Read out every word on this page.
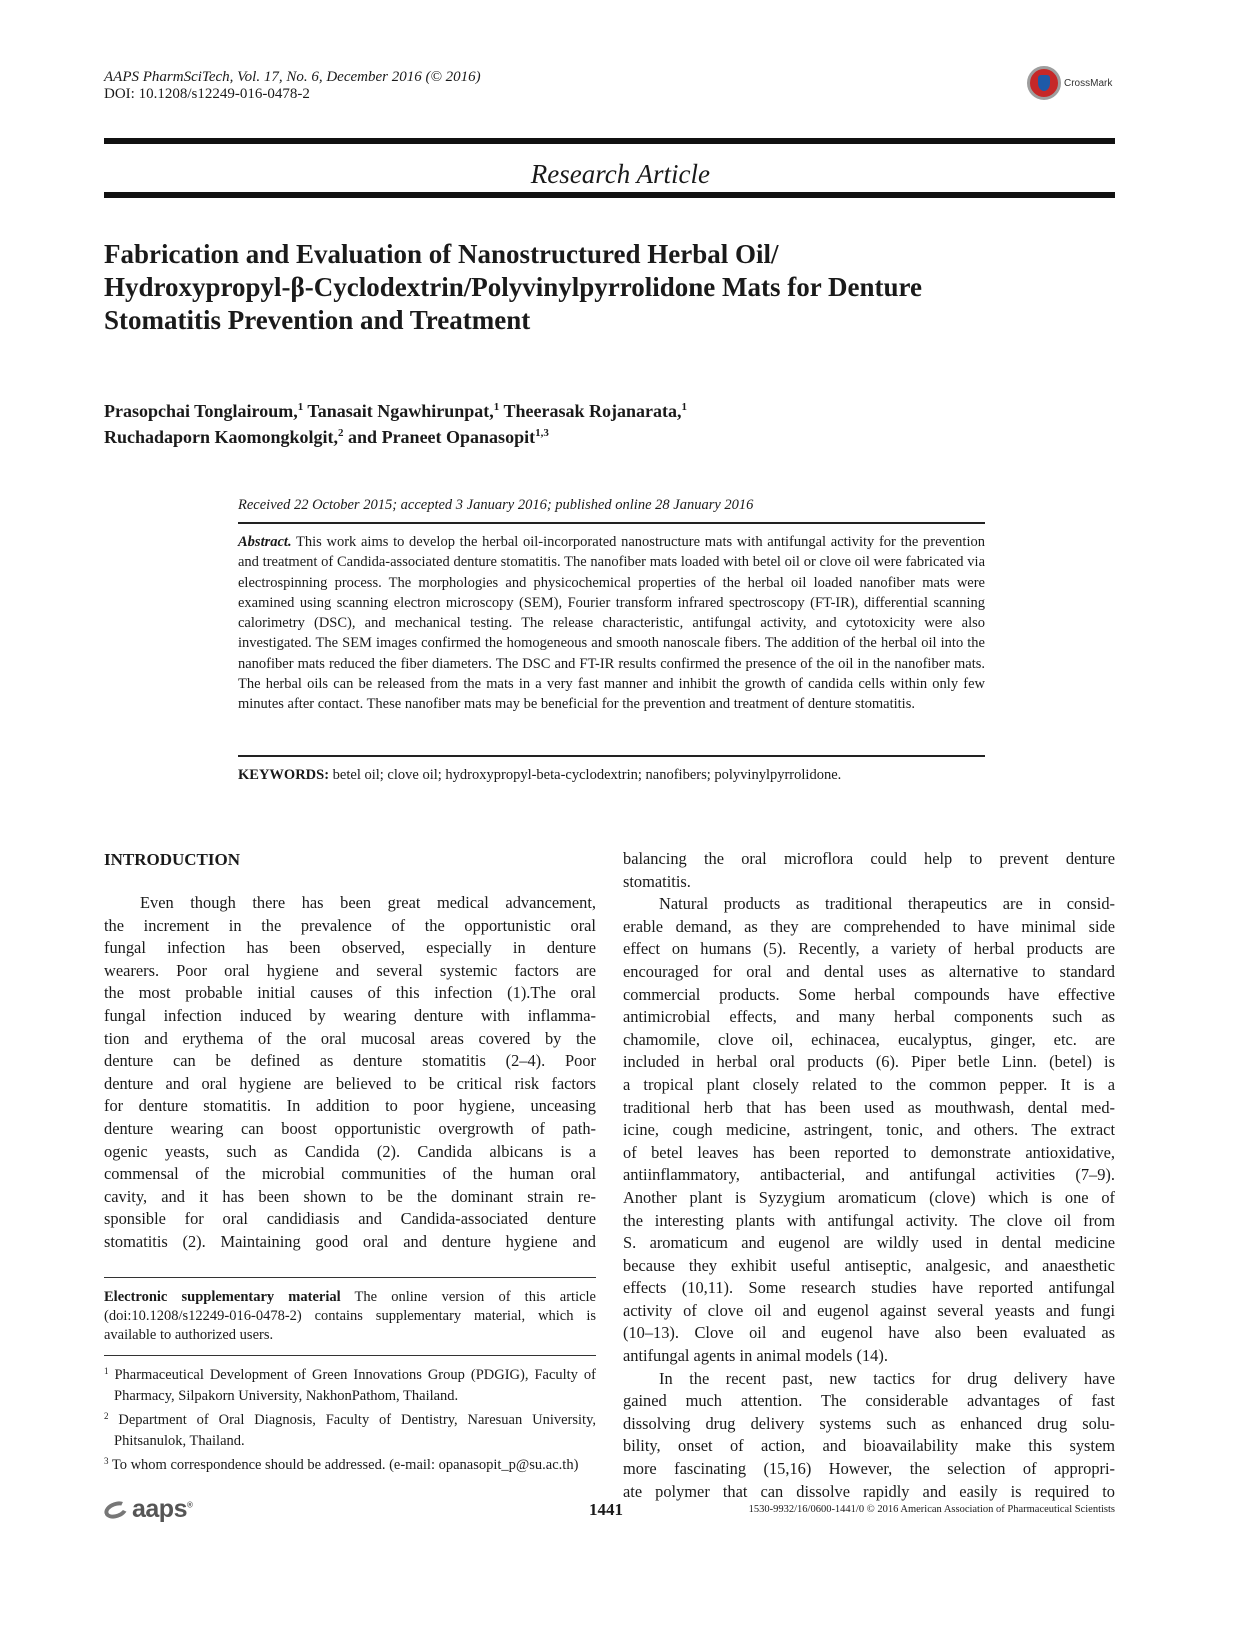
AAPS PharmSciTech, Vol. 17, No. 6, December 2016 (© 2016)
DOI: 10.1208/s12249-016-0478-2
CrossMark
Research Article
Fabrication and Evaluation of Nanostructured Herbal Oil/
Hydroxypropyl-β-Cyclodextrin/Polyvinylpyrrolidone Mats for Denture
Stomatitis Prevention and Treatment
Prasopchai Tonglairoum,$^1$ Tanasait Ngawhirunpat,$^1$ Theerasak Rojanarata,$^1$
Ruchadaporn Kaomongkolgit,$^2$ and Praneet Opanasopit$^{1,3}$
Received 22 October 2015; accepted 3 January 2016; published online 28 January 2016
Abstract. This work aims to develop the herbal oil-incorporated nanostructure mats with antifungal activity for the prevention and treatment of Candida-associated denture stomatitis. The nanofiber mats loaded with betel oil or clove oil were fabricated via electrospinning process. The morphologies and physicochemical properties of the herbal oil loaded nanofiber mats were examined using scanning electron microscopy (SEM), Fourier transform infrared spectroscopy (FT-IR), differential scanning calorimetry (DSC), and mechanical testing. The release characteristic, antifungal activity, and cytotoxicity were also investigated. The SEM images confirmed the homogeneous and smooth nanoscale fibers. The addition of the herbal oil into the nanofiber mats reduced the fiber diameters. The DSC and FT-IR results confirmed the presence of the oil in the nanofiber mats. The herbal oils can be released from the mats in a very fast manner and inhibit the growth of candida cells within only few minutes after contact. These nanofiber mats may be beneficial for the prevention and treatment of denture stomatitis.
KEYWORDS: betel oil; clove oil; hydroxypropyl-beta-cyclodextrin; nanofibers; polyvinylpyrrolidone.
INTRODUCTION
Even though there has been great medical advancement,
the increment in the prevalence of the opportunistic oral
fungal infection has been observed, especially in denture
wearers. Poor oral hygiene and several systemic factors are
the most probable initial causes of this infection (1).The oral
fungal infection induced by wearing denture with inflamma-
tion and erythema of the oral mucosal areas covered by the
denture can be defined as denture stomatitis (2–4). Poor
denture and oral hygiene are believed to be critical risk factors
for denture stomatitis. In addition to poor hygiene, unceasing
denture wearing can boost opportunistic overgrowth of path-
ogenic yeasts, such as Candida (2). Candida albicans is a
commensal of the microbial communities of the human oral
cavity, and it has been shown to be the dominant strain re-
sponsible for oral candidiasis and Candida-associated denture
stomatitis (2). Maintaining good oral and denture hygiene and
balancing the oral microflora could help to prevent denture
stomatitis.
Natural products as traditional therapeutics are in consid-
erable demand, as they are comprehended to have minimal side
effect on humans (5). Recently, a variety of herbal products are
encouraged for oral and dental uses as alternative to standard
commercial products. Some herbal compounds have effective
antimicrobial effects, and many herbal components such as
chamomile, clove oil, echinacea, eucalyptus, ginger, etc. are
included in herbal oral products (6). Piper betle Linn. (betel) is
a tropical plant closely related to the common pepper. It is a
traditional herb that has been used as mouthwash, dental med-
icine, cough medicine, astringent, tonic, and others. The extract
of betel leaves has been reported to demonstrate antioxidative,
antiinflammatory, antibacterial, and antifungal activities (7–9).
Another plant is Syzygium aromaticum (clove) which is one of
the interesting plants with antifungal activity. The clove oil from
S. aromaticum and eugenol are wildly used in dental medicine
because they exhibit useful antiseptic, analgesic, and anaesthetic
effects (10,11). Some research studies have reported antifungal
activity of clove oil and eugenol against several yeasts and fungi
(10–13). Clove oil and eugenol have also been evaluated as
antifungal agents in animal models (14).
In the recent past, new tactics for drug delivery have
gained much attention. The considerable advantages of fast
dissolving drug delivery systems such as enhanced drug solu-
bility, onset of action, and bioavailability make this system
more fascinating (15,16) However, the selection of appropri-
ate polymer that can dissolve rapidly and easily is required to
Electronic supplementary material The online version of this article (doi:10.1208/s12249-016-0478-2) contains supplementary material, which is available to authorized users.
$^1$ Pharmaceutical Development of Green Innovations Group (PDGIG), Faculty of Pharmacy, Silpakorn University, NakhonPathom, Thailand.
$^2$ Department of Oral Diagnosis, Faculty of Dentistry, Naresuan University, Phitsanulok, Thailand.
$^3$ To whom correspondence should be addressed. (e-mail: opanasopit_p@su.ac.th)
aaps®	1441	1530-9932/16/0600-1441/0 © 2016 American Association of Pharmaceutical Scientists
